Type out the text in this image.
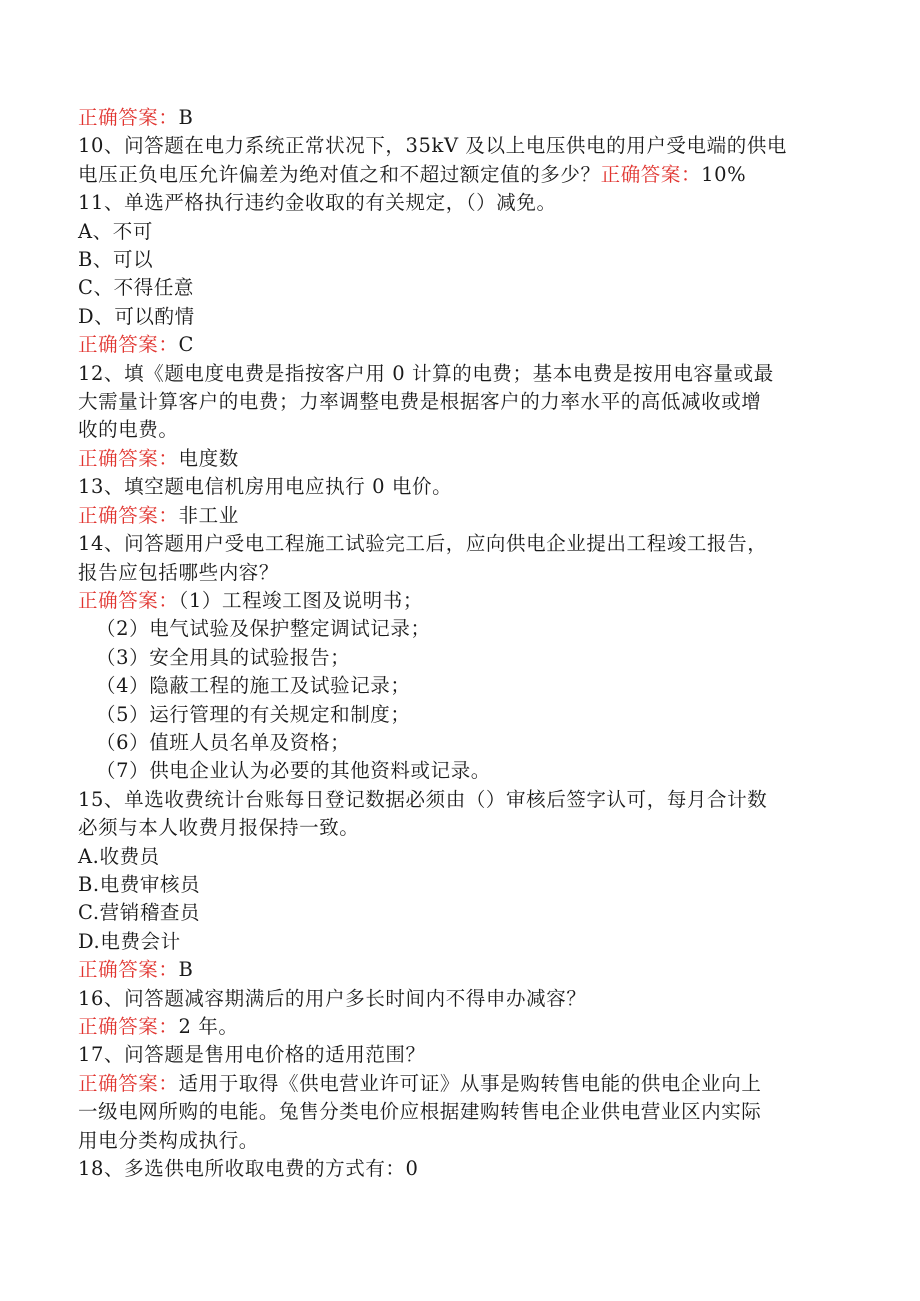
正确答案：B
10、问答题在电力系统正常状况下，35kV 及以上电压供电的用户受电端的供电
电压正负电压允许偏差为绝对值之和不超过额定值的多少？正确答案：10%
11、单选严格执行违约金收取的有关规定，（）减免。
A、不可
B、可以
C、不得任意
D、可以酌情
正确答案：C
12、填《题电度电费是指按客户用 0 计算的电费；基本电费是按用电容量或最
大需量计算客户的电费；力率调整电费是根据客户的力率水平的高低减收或增
收的电费。
正确答案：电度数
13、填空题电信机房用电应执行 0 电价。
正确答案：非工业
14、问答题用户受电工程施工试验完工后，应向供电企业提出工程竣工报告，
报告应包括哪些内容？
正确答案：（1）工程竣工图及说明书；
（2）电气试验及保护整定调试记录；
（3）安全用具的试验报告；
（4）隐蔽工程的施工及试验记录；
（5）运行管理的有关规定和制度；
（6）值班人员名单及资格；
（7）供电企业认为必要的其他资料或记录。
15、单选收费统计台账每日登记数据必须由（）审核后签字认可，每月合计数
必须与本人收费月报保持一致。
A.收费员
B.电费审核员
C.营销稽查员
D.电费会计
正确答案：B
16、问答题减容期满后的用户多长时间内不得申办减容？
正确答案：2 年。
17、问答题是售用电价格的适用范围？
正确答案：适用于取得《供电营业许可证》从事是购转售电能的供电企业向上
一级电网所购的电能。兔售分类电价应根据建购转售电企业供电营业区内实际
用电分类构成执行。
18、多选供电所收取电费的方式有：0
